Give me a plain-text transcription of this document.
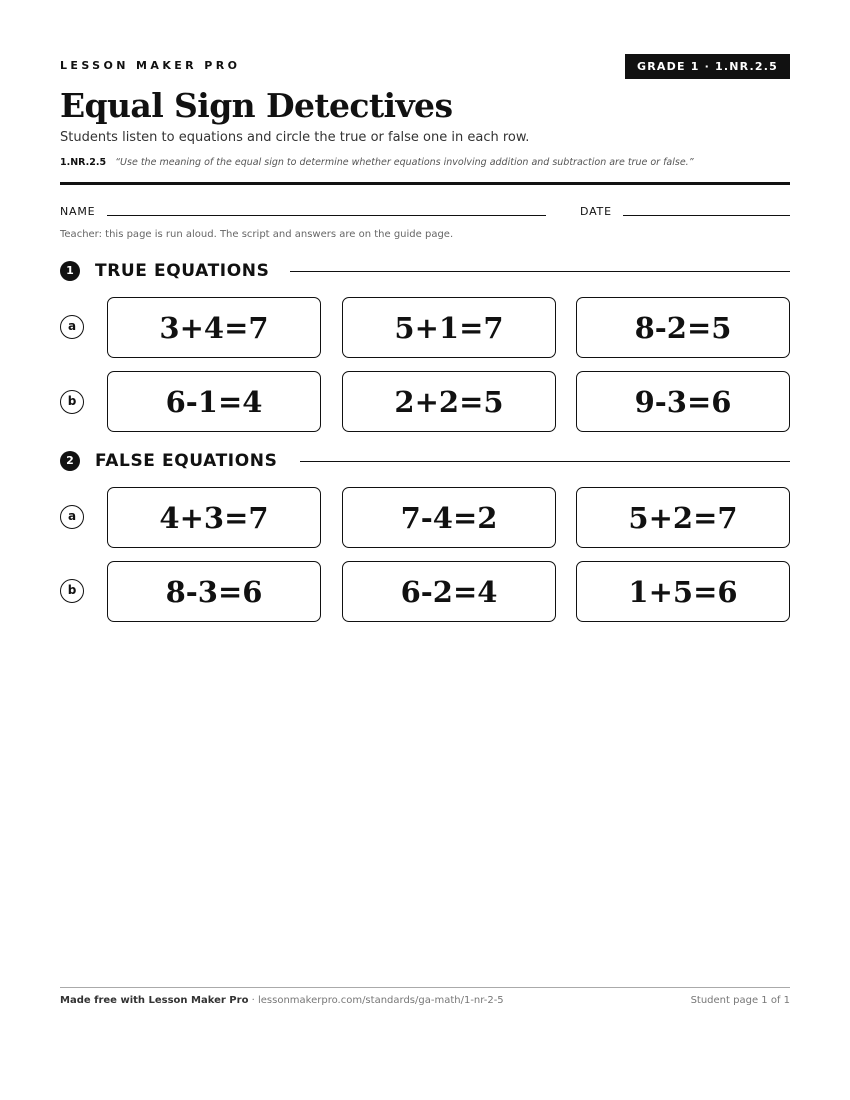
LESSON MAKER PRO	GRADE 1 · 1.NR.2.5
Equal Sign Detectives
Students listen to equations and circle the true or false one in each row.
1.NR.2.5 “Use the meaning of the equal sign to determine whether equations involving addition and subtraction are true or false.”
NAME	DATE
Teacher: this page is run aloud. The script and answers are on the guide page.
1	TRUE EQUATIONS
a	3+4=7	5+1=7	8-2=5
b	6-1=4	2+2=5	9-3=6
2	FALSE EQUATIONS
a	4+3=7	7-4=2	5+2=7
b	8-3=6	6-2=4	1+5=6
Made free with Lesson Maker Pro · lessonmakerpro.com/standards/ga-math/1-nr-2-5	Student page 1 of 1
